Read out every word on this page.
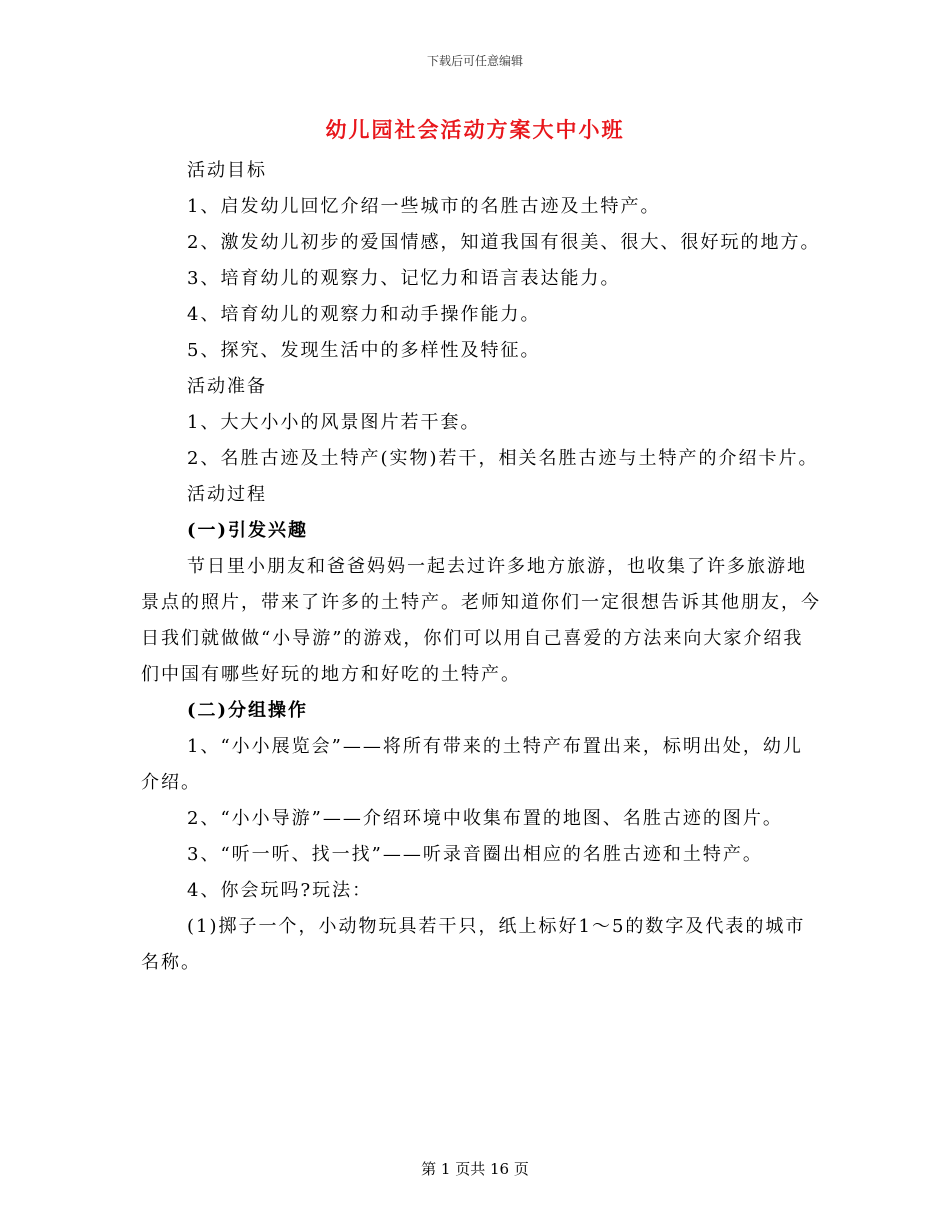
下载后可任意编辑
幼儿园社会活动方案大中小班

活动目标

1、启发幼儿回忆介绍一些城市的名胜古迹及土特产。

2、激发幼儿初步的爱国情感，知道我国有很美、很大、很好玩的地方。

3、培育幼儿的观察力、记忆力和语言表达能力。

4、培育幼儿的观察力和动手操作能力。

5、探究、发现生活中的多样性及特征。

活动准备

1、大大小小的风景图片若干套。

2、名胜古迹及土特产(实物)若干，相关名胜古迹与土特产的介绍卡片。

活动过程

(一)引发兴趣

节日里小朋友和爸爸妈妈一起去过许多地方旅游，也收集了许多旅游地景点的照片，带来了许多的土特产。老师知道你们一定很想告诉其他朋友，今日我们就做做“小导游”的游戏，你们可以用自己喜爱的方法来向大家介绍我们中国有哪些好玩的地方和好吃的土特产。

(二)分组操作

1、“小小展览会”——将所有带来的土特产布置出来，标明出处，幼儿介绍。

2、“小小导游”——介绍环境中收集布置的地图、名胜古迹的图片。

3、“听一听、找一找”——听录音圈出相应的名胜古迹和土特产。

4、你会玩吗?玩法：

(1)掷子一个，小动物玩具若干只，纸上标好1～5的数字及代表的城市名称。

第 1 页共 16 页
